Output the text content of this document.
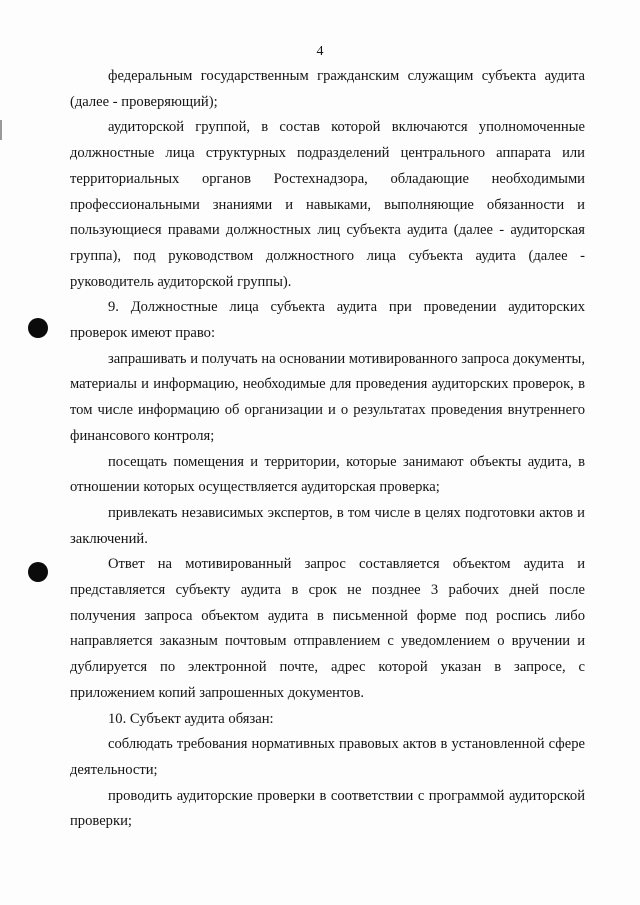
4

федеральным государственным гражданским служащим субъекта аудита (далее - проверяющий);

аудиторской группой, в состав которой включаются уполномоченные должностные лица структурных подразделений центрального аппарата или территориальных органов Ростехнадзора, обладающие необходимыми профессиональными знаниями и навыками, выполняющие обязанности и пользующиеся правами должностных лиц субъекта аудита (далее - аудиторская группа), под руководством должностного лица субъекта аудита (далее - руководитель аудиторской группы).

9. Должностные лица субъекта аудита при проведении аудиторских проверок имеют право:

запрашивать и получать на основании мотивированного запроса документы, материалы и информацию, необходимые для проведения аудиторских проверок, в том числе информацию об организации и о результатах проведения внутреннего финансового контроля;

посещать помещения и территории, которые занимают объекты аудита, в отношении которых осуществляется аудиторская проверка;

привлекать независимых экспертов, в том числе в целях подготовки актов и заключений.

Ответ на мотивированный запрос составляется объектом аудита и представляется субъекту аудита в срок не позднее 3 рабочих дней после получения запроса объектом аудита в письменной форме под роспись либо направляется заказным почтовым отправлением с уведомлением о вручении и дублируется по электронной почте, адрес которой указан в запросе, с приложением копий запрошенных документов.

10. Субъект аудита обязан:

соблюдать требования нормативных правовых актов в установленной сфере деятельности;

проводить аудиторские проверки в соответствии с программой аудиторской проверки;
